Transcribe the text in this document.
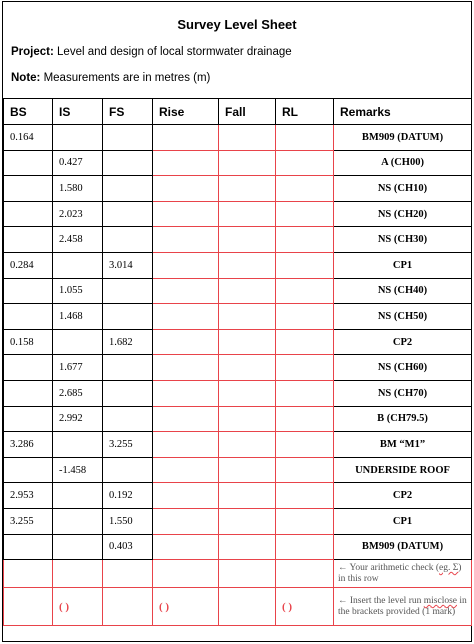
Survey Level Sheet
Project: Level and design of local stormwater drainage
Note: Measurements are in metres (m)
BS	IS	FS	Rise	Fall	RL	Remarks
0.164						BM909 (DATUM)
	0.427					A (CH00)
	1.580					NS (CH10)
	2.023					NS (CH20)
	2.458					NS (CH30)
0.284		3.014				CP1
	1.055					NS (CH40)
	1.468					NS (CH50)
0.158		1.682				CP2
	1.677					NS (CH60)
	2.685					NS (CH70)
	2.992					B (CH79.5)
3.286		3.255				BM “M1”
	-1.458					UNDERSIDE ROOF
2.953		0.192				CP2
3.255		1.550				CP1
		0.403				BM909 (DATUM)
						← Your arithmetic check (eg. Σ) in this row
	( )		( )		( )	← Insert the level run misclose in the brackets provided (1 mark)
